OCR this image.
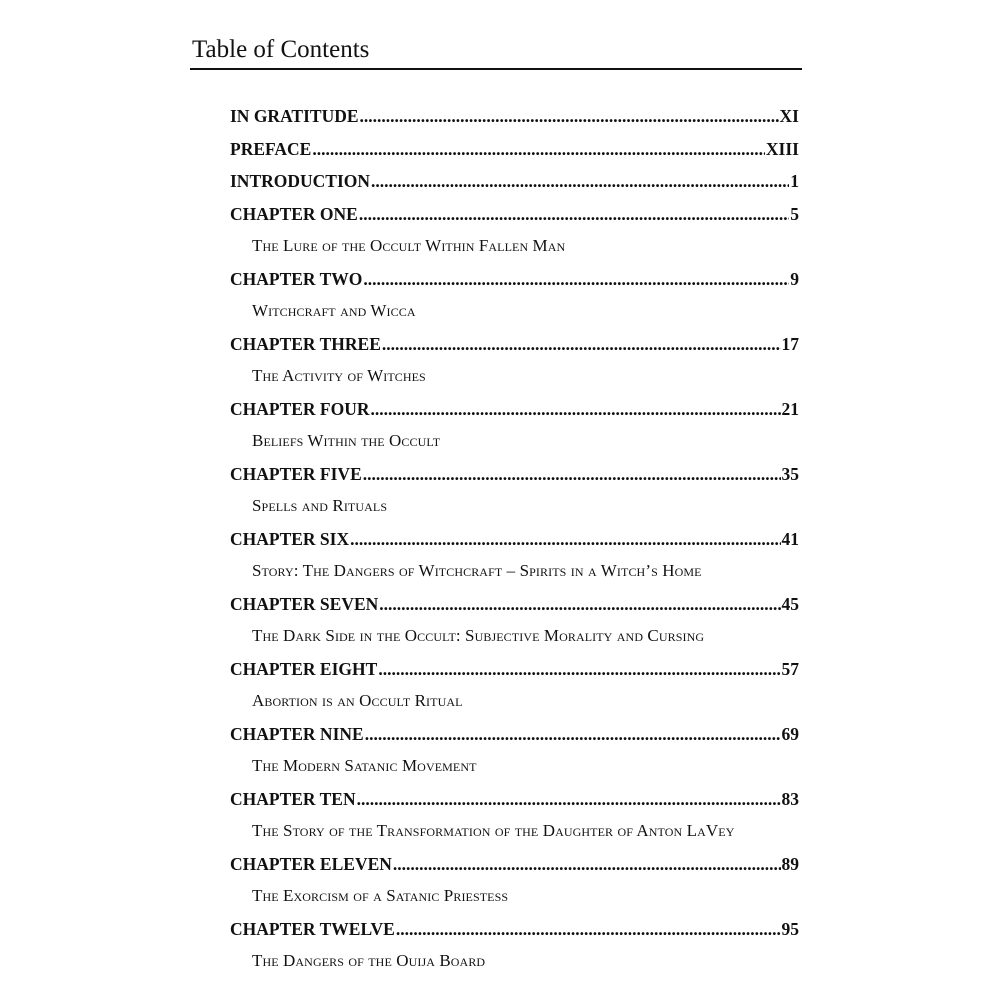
Table of Contents
IN GRATITUDE .....	XI
PREFACE .....	XIII
INTRODUCTION .....	1
CHAPTER ONE .....	5
The Lure of the Occult Within Fallen Man
CHAPTER TWO .....	9
Witchcraft and Wicca
CHAPTER THREE .....	17
The Activity of Witches
CHAPTER FOUR .....	21
Beliefs Within the Occult
CHAPTER FIVE .....	35
Spells and Rituals
CHAPTER SIX .....	41
Story: The Dangers of Witchcraft – Spirits in a Witch’s Home
CHAPTER SEVEN .....	45
The Dark Side in the Occult: Subjective Morality and Cursing
CHAPTER EIGHT .....	57
Abortion is an Occult Ritual
CHAPTER NINE .....	69
The Modern Satanic Movement
CHAPTER TEN .....	83
The Story of the Transformation of the Daughter of Anton LaVey
CHAPTER ELEVEN .....	89
The Exorcism of a Satanic Priestess
CHAPTER TWELVE .....	95
The Dangers of the Ouija Board
